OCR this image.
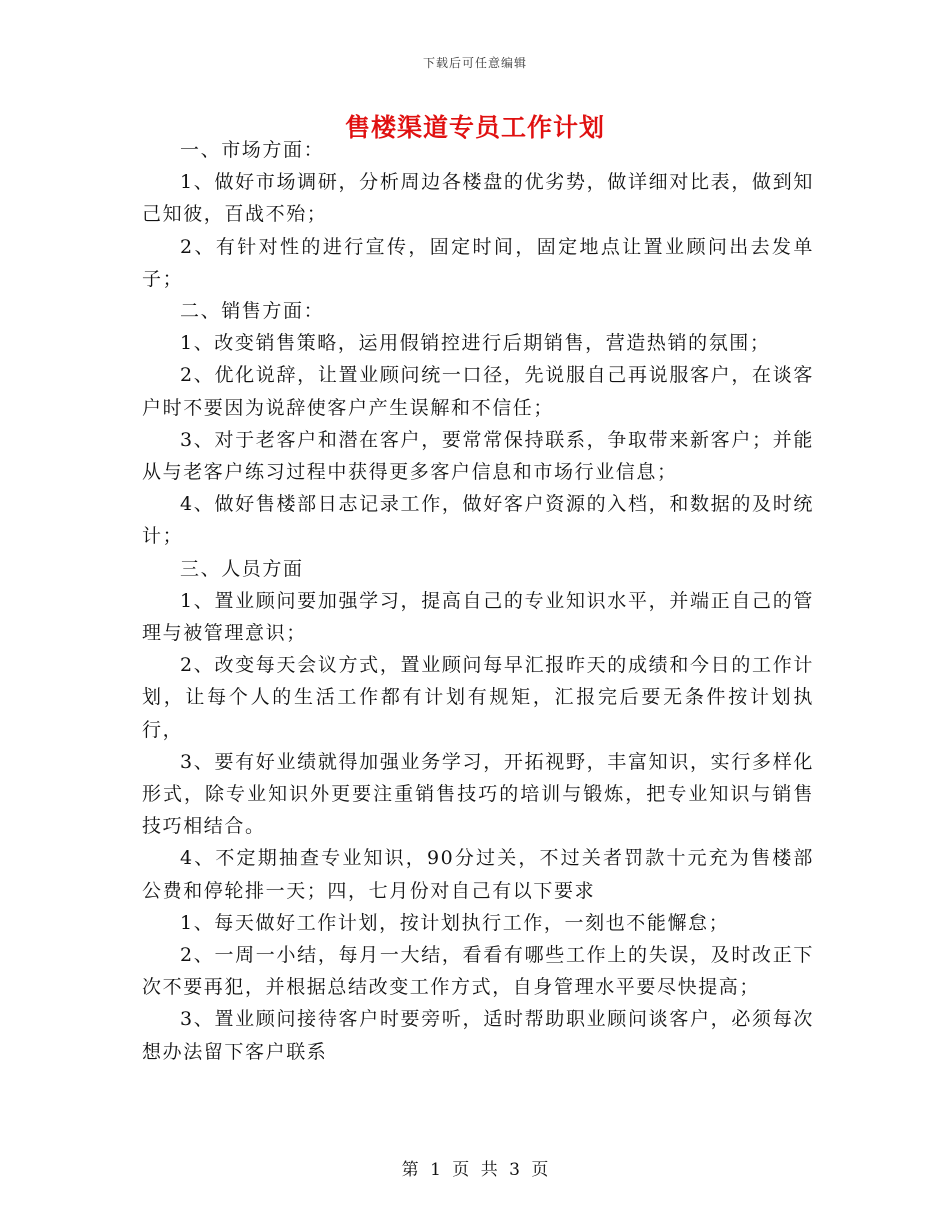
下载后可任意编辑
售楼渠道专员工作计划

一、市场方面：

1、做好市场调研，分析周边各楼盘的优劣势，做详细对比表，做到知己知彼，百战不殆；

2、有针对性的进行宣传，固定时间，固定地点让置业顾问出去发单子；

二、销售方面：

1、改变销售策略，运用假销控进行后期销售，营造热销的氛围；

2、优化说辞，让置业顾问统一口径，先说服自己再说服客户，在谈客户时不要因为说辞使客户产生误解和不信任；

3、对于老客户和潜在客户，要常常保持联系，争取带来新客户；并能从与老客户练习过程中获得更多客户信息和市场行业信息；

4、做好售楼部日志记录工作，做好客户资源的入档，和数据的及时统计；

三、人员方面

1、置业顾问要加强学习，提高自己的专业知识水平，并端正自己的管理与被管理意识；

2、改变每天会议方式，置业顾问每早汇报昨天的成绩和今日的工作计划，让每个人的生活工作都有计划有规矩，汇报完后要无条件按计划执行，

3、要有好业绩就得加强业务学习，开拓视野，丰富知识，实行多样化形式，除专业知识外更要注重销售技巧的培训与锻炼，把专业知识与销售技巧相结合。

4、不定期抽查专业知识，90分过关，不过关者罚款十元充为售楼部公费和停轮排一天；四，七月份对自己有以下要求

1、每天做好工作计划，按计划执行工作，一刻也不能懈怠；

2、一周一小结，每月一大结，看看有哪些工作上的失误，及时改正下次不要再犯，并根据总结改变工作方式，自身管理水平要尽快提高；

3、置业顾问接待客户时要旁听，适时帮助职业顾问谈客户，必须每次想办法留下客户联系

第 1 页 共 3 页
